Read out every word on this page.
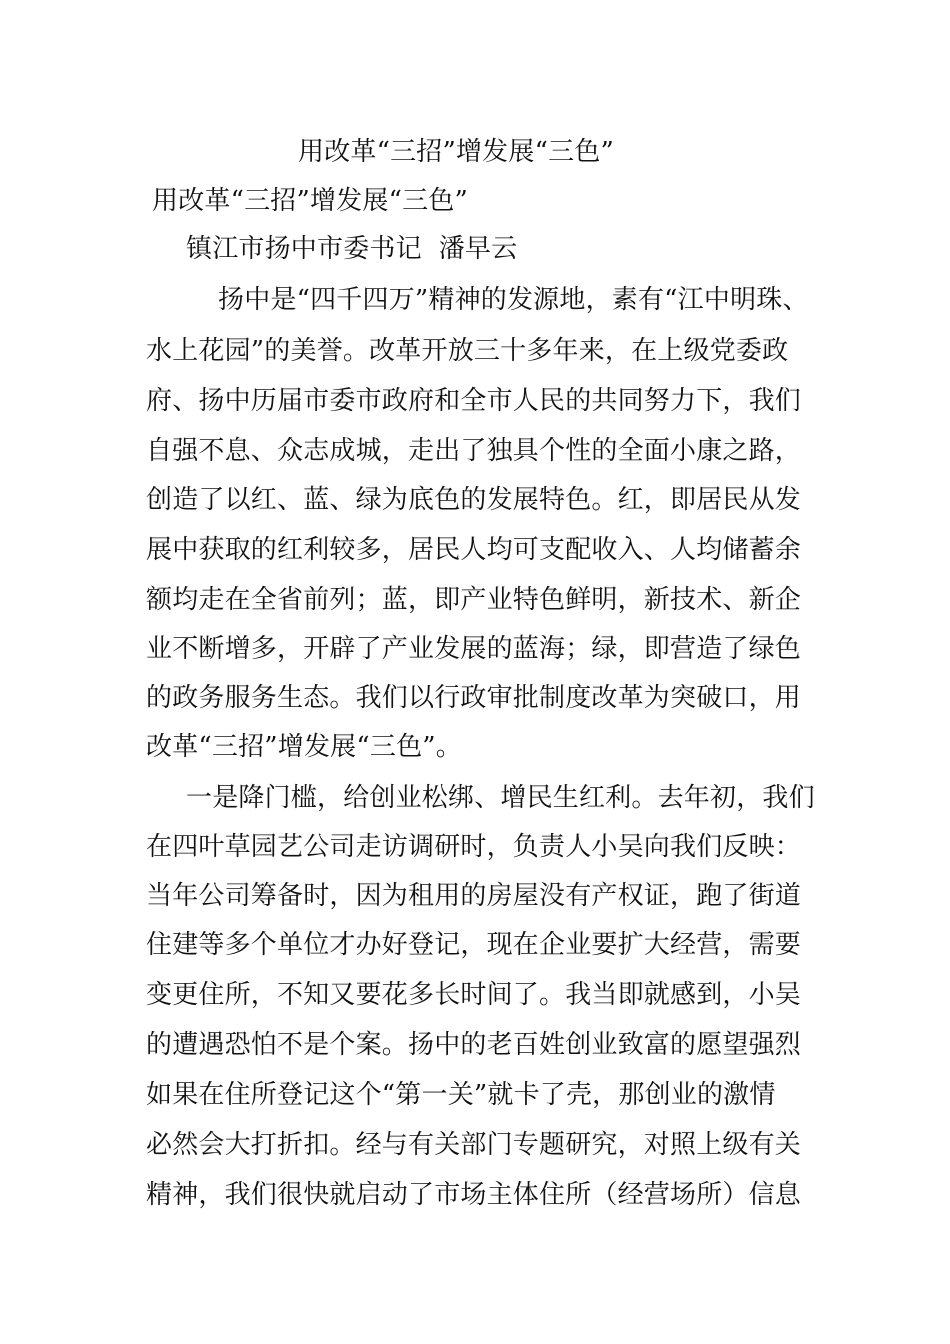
用改革“三招”增发展“三色”
用改革“三招”增发展“三色”
镇江市扬中市委书记  潘早云
扬中是“四千四万”精神的发源地，素有“江中明珠、
水上花园”的美誉。改革开放三十多年来，在上级党委政
府、扬中历届市委市政府和全市人民的共同努力下，我们
自强不息、众志成城，走出了独具个性的全面小康之路，
创造了以红、蓝、绿为底色的发展特色。红，即居民从发
展中获取的红利较多，居民人均可支配收入、人均储蓄余
额均走在全省前列；蓝，即产业特色鲜明，新技术、新企
业不断增多，开辟了产业发展的蓝海；绿，即营造了绿色
的政务服务生态。我们以行政审批制度改革为突破口，用
改革“三招”增发展“三色”。
一是降门槛，给创业松绑、增民生红利。去年初，我们
在四叶草园艺公司走访调研时，负责人小吴向我们反映：
当年公司筹备时，因为租用的房屋没有产权证，跑了街道
住建等多个单位才办好登记，现在企业要扩大经营，需要
变更住所，不知又要花多长时间了。我当即就感到，小吴
的遭遇恐怕不是个案。扬中的老百姓创业致富的愿望强烈
如果在住所登记这个“第一关”就卡了壳，那创业的激情
必然会大打折扣。经与有关部门专题研究，对照上级有关
精神，我们很快就启动了市场主体住所（经营场所）信息
